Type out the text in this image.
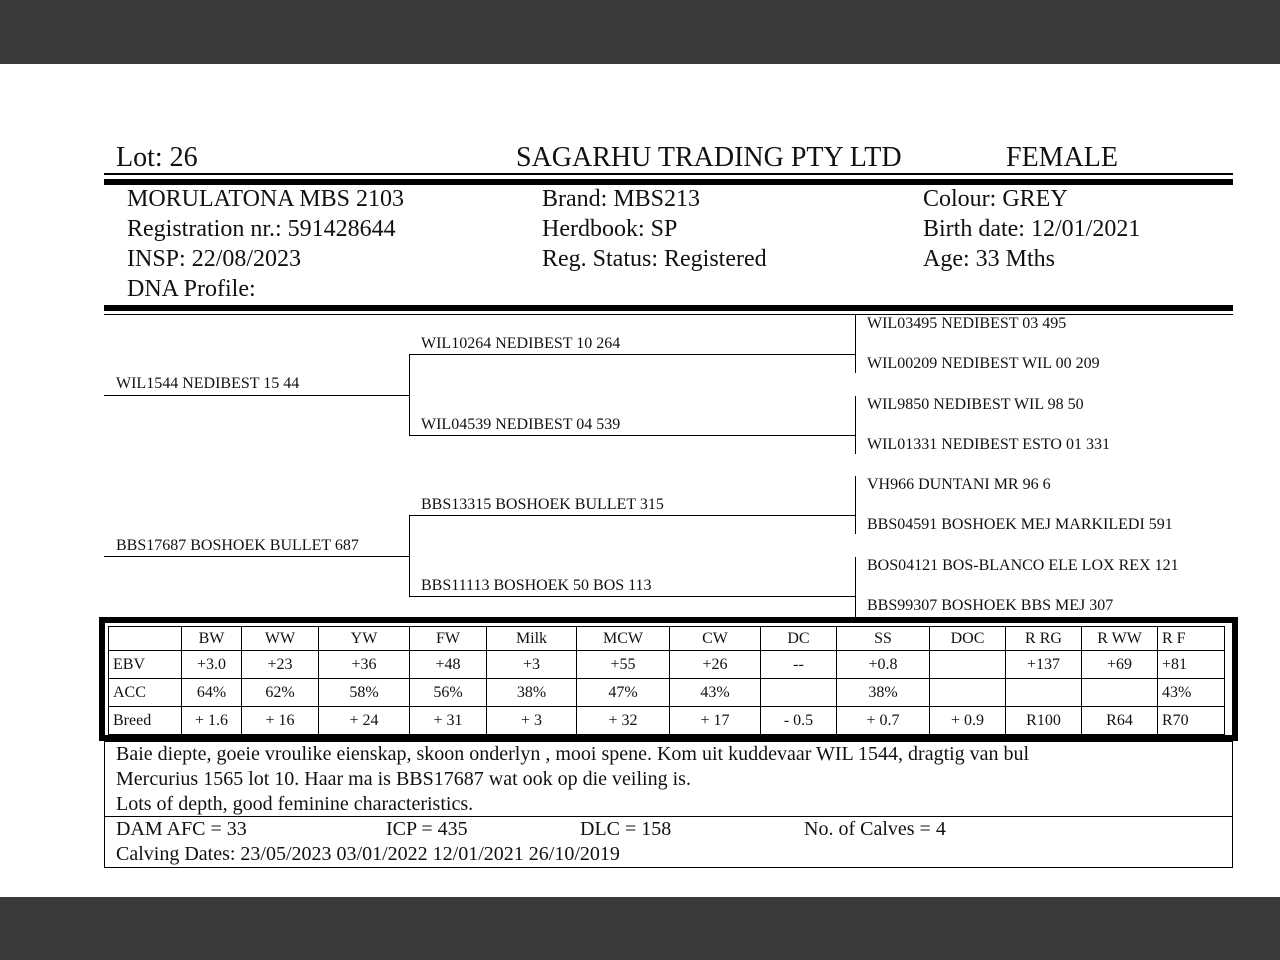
Lot: 26	SAGARHU TRADING PTY LTD	FEMALE
MORULATONA MBS 2103
Registration nr.: 591428644
INSP: 22/08/2023
DNA Profile:
Brand: MBS213
Herdbook: SP
Reg. Status: Registered
Colour: GREY
Birth date: 12/01/2021
Age: 33 Mths
WIL1544 NEDIBEST 15 44
WIL10264 NEDIBEST 10 264
WIL04539 NEDIBEST 04 539
BBS17687 BOSHOEK BULLET 687
BBS13315 BOSHOEK BULLET 315
BBS11113 BOSHOEK 50 BOS 113
WIL03495 NEDIBEST 03 495
WIL00209 NEDIBEST WIL 00 209
WIL9850 NEDIBEST WIL 98 50
WIL01331 NEDIBEST ESTO 01 331
VH966 DUNTANI MR 96 6
BBS04591 BOSHOEK MEJ MARKILEDI 591
BOS04121 BOS-BLANCO ELE LOX REX 121
BBS99307 BOSHOEK BBS MEJ 307
	BW	WW	YW	FW	Milk	MCW	CW	DC	SS	DOC	R RG	R WW	R F
EBV	+3.0	+23	+36	+48	+3	+55	+26	--	+0.8		+137	+69	+81
ACC	64%	62%	58%	56%	38%	47%	43%		38%				43%
Breed	+ 1.6	+ 16	+ 24	+ 31	+ 3	+ 32	+ 17	- 0.5	+ 0.7	+ 0.9	R100	R64	R70
Baie diepte, goeie vroulike eienskap, skoon onderlyn , mooi spene. Kom uit kuddevaar WIL 1544, dragtig van bul
Mercurius 1565 lot 10. Haar ma is BBS17687 wat ook op die veiling is.
Lots of depth, good feminine characteristics.
DAM AFC = 33	ICP = 435	DLC = 158	No. of Calves = 4
Calving Dates: 23/05/2023 03/01/2022 12/01/2021 26/10/2019
